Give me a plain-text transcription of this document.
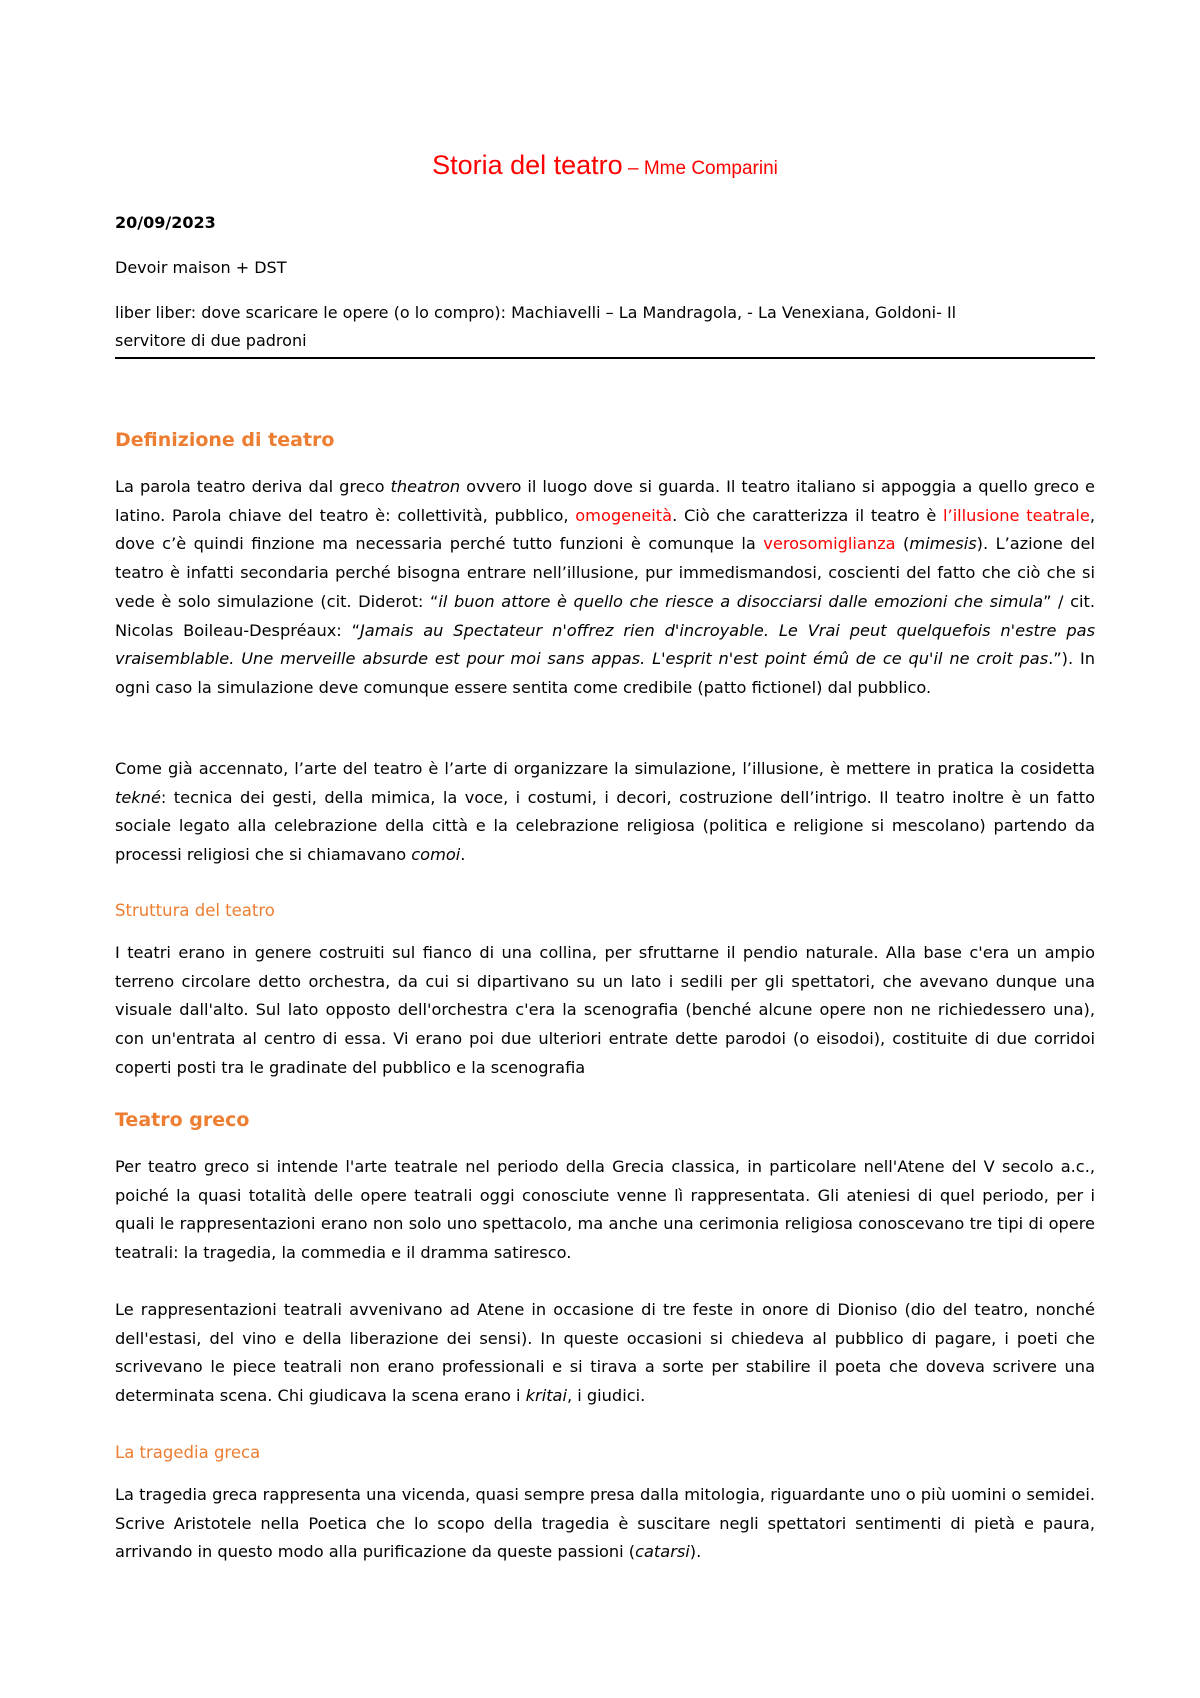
Storia del teatro – Mme Comparini
20/09/2023
Devoir maison + DST
liber liber: dove scaricare le opere (o lo compro): Machiavelli – La Mandragola, - La Venexiana, Goldoni- Il
servitore di due padroni
Definizione di teatro
La parola teatro deriva dal greco theatron ovvero il luogo dove si guarda. Il teatro italiano si appoggia a quello greco e latino. Parola chiave del teatro è: collettività, pubblico, omogeneità. Ciò che caratterizza il teatro è l’illusione teatrale, dove c’è quindi finzione ma necessaria perché tutto funzioni è comunque la verosomiglianza (mimesis). L’azione del teatro è infatti secondaria perché bisogna entrare nell’illusione, pur immedismandosi, coscienti del fatto che ciò che si vede è solo simulazione (cit. Diderot: “il buon attore è quello che riesce a disocciarsi dalle emozioni che simula” / cit. Nicolas Boileau-Despréaux: “Jamais au Spectateur n'offrez rien d'incroyable. Le Vrai peut quelquefois n'estre pas vraisemblable. Une merveille absurde est pour moi sans appas. L'esprit n'est point émû de ce qu'il ne croit pas.”). In ogni caso la simulazione deve comunque essere sentita come credibile (patto fictionel) dal pubblico.
Come già accennato, l’arte del teatro è l’arte di organizzare la simulazione, l’illusione, è mettere in pratica la cosidetta tekné: tecnica dei gesti, della mimica, la voce, i costumi, i decori, costruzione dell’intrigo. Il teatro inoltre è un fatto sociale legato alla celebrazione della città e la celebrazione religiosa (politica e religione si mescolano) partendo da processi religiosi che si chiamavano comoi.
Struttura del teatro
I teatri erano in genere costruiti sul fianco di una collina, per sfruttarne il pendio naturale. Alla base c'era un ampio terreno circolare detto orchestra, da cui si dipartivano su un lato i sedili per gli spettatori, che avevano dunque una visuale dall'alto. Sul lato opposto dell'orchestra c'era la scenografia (benché alcune opere non ne richiedessero una), con un'entrata al centro di essa. Vi erano poi due ulteriori entrate dette parodoi (o eisodoi), costituite di due corridoi coperti posti tra le gradinate del pubblico e la scenografia
Teatro greco
Per teatro greco si intende l'arte teatrale nel periodo della Grecia classica, in particolare nell'Atene del V secolo a.c., poiché la quasi totalità delle opere teatrali oggi conosciute venne lì rappresentata. Gli ateniesi di quel periodo, per i quali le rappresentazioni erano non solo uno spettacolo, ma anche una cerimonia religiosa conoscevano tre tipi di opere teatrali: la tragedia, la commedia e il dramma satiresco.
Le rappresentazioni teatrali avvenivano ad Atene in occasione di tre feste in onore di Dioniso (dio del teatro, nonché dell'estasi, del vino e della liberazione dei sensi). In queste occasioni si chiedeva al pubblico di pagare, i poeti che scrivevano le piece teatrali non erano professionali e si tirava a sorte per stabilire il poeta che doveva scrivere una determinata scena. Chi giudicava la scena erano i kritai, i giudici.
La tragedia greca
La tragedia greca rappresenta una vicenda, quasi sempre presa dalla mitologia, riguardante uno o più uomini o semidei. Scrive Aristotele nella Poetica che lo scopo della tragedia è suscitare negli spettatori sentimenti di pietà e paura, arrivando in questo modo alla purificazione da queste passioni (catarsi).
